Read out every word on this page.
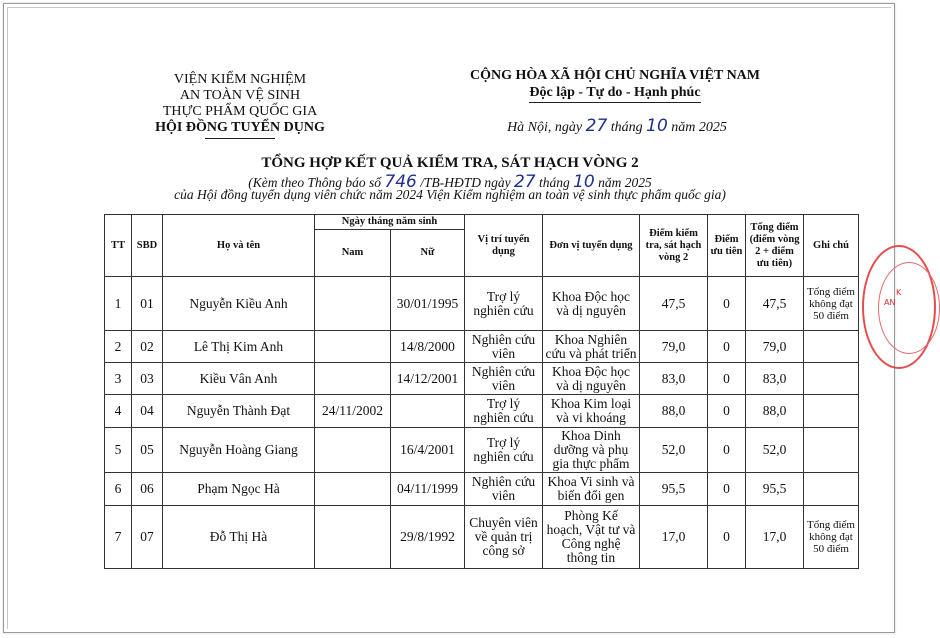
VIỆN KIỂM NGHIỆM
AN TOÀN VỆ SINH
THỰC PHẨM QUỐC GIA
HỘI ĐỒNG TUYỂN DỤNG
CỘNG HÒA XÃ HỘI CHỦ NGHĨA VIỆT NAM
Độc lập - Tự do - Hạnh phúc
Hà Nội, ngày 27 tháng 10 năm 2025
TỔNG HỢP KẾT QUẢ KIỂM TRA, SÁT HẠCH VÒNG 2
(Kèm theo Thông báo số 746 /TB-HĐTD ngày 27 tháng 10 năm 2025
của Hội đồng tuyển dụng viên chức năm 2024 Viện Kiểm nghiệm an toàn vệ sinh thực phẩm quốc gia)
TT	SBD	Họ và tên	Ngày tháng năm sinh		Vị trí tuyển dụng	Đơn vị tuyển dụng	Điểm kiểm tra, sát hạch vòng 2	Điểm ưu tiên	Tổng điểm (điểm vòng 2 + điểm ưu tiên)	Ghi chú
			Nam	Nữ						
1	01	Nguyễn Kiều Anh		30/01/1995	Trợ lý nghiên cứu	Khoa Độc học và dị nguyên	47,5	0	47,5	Tổng điểm không đạt 50 điểm
2	02	Lê Thị Kim Anh		14/8/2000	Nghiên cứu viên	Khoa Nghiên cứu và phát triển	79,0	0	79,0	
3	03	Kiều Vân Anh		14/12/2001	Nghiên cứu viên	Khoa Độc học và dị nguyên	83,0	0	83,0	
4	04	Nguyễn Thành Đạt	24/11/2002		Trợ lý nghiên cứu	Khoa Kim loại và vi khoáng	88,0	0	88,0	
5	05	Nguyễn Hoàng Giang		16/4/2001	Trợ lý nghiên cứu	Khoa Dinh dưỡng và phụ gia thực phẩm	52,0	0	52,0	
6	06	Phạm Ngọc Hà		04/11/1999	Nghiên cứu viên	Khoa Vi sinh và biến đổi gen	95,5	0	95,5	
7	07	Đỗ Thị Hà		29/8/1992	Chuyên viên về quản trị công sở	Phòng Kế hoạch, Vật tư và Công nghệ thông tin	17,0	0	17,0	Tổng điểm không đạt 50 điểm
K
AN
